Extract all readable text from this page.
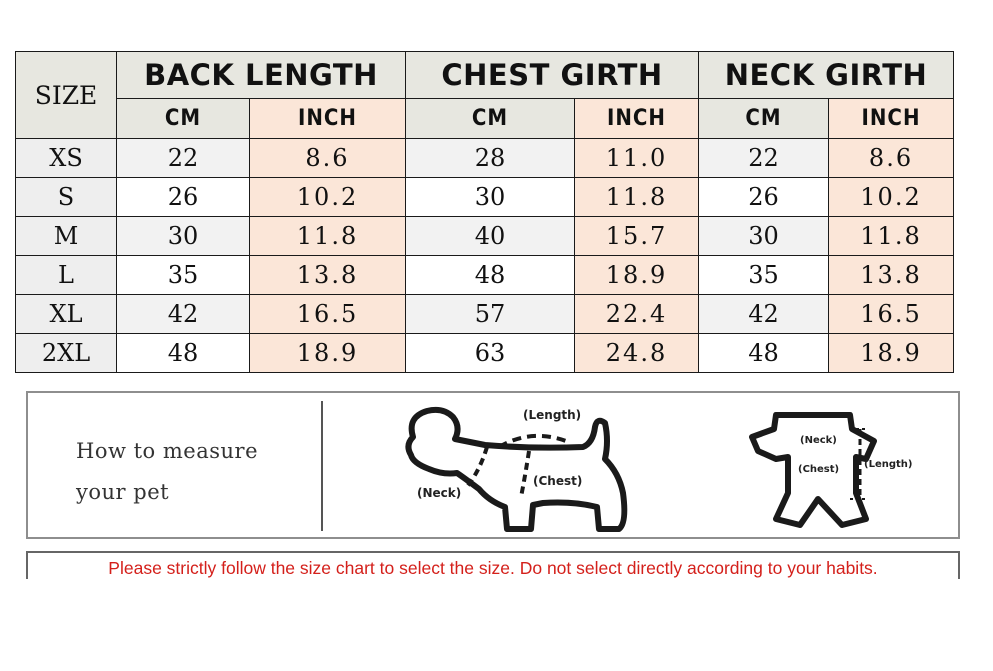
SIZE	BACK LENGTH		CHEST GIRTH		NECK GIRTH	
	CM	INCH	CM	INCH	CM	INCH
XS	22	8.6	28	11.0	22	8.6
S	26	10.2	30	11.8	26	10.2
M	30	11.8	40	15.7	30	11.8
L	35	13.8	48	18.9	35	13.8
XL	42	16.5	57	22.4	42	16.5
2XL	48	18.9	63	24.8	48	18.9
How to measure
your pet
(Length)
(Chest)
(Neck)
(Neck)
(Chest) (Length)
Please strictly follow the size chart to select the size. Do not select directly according to your habits.
